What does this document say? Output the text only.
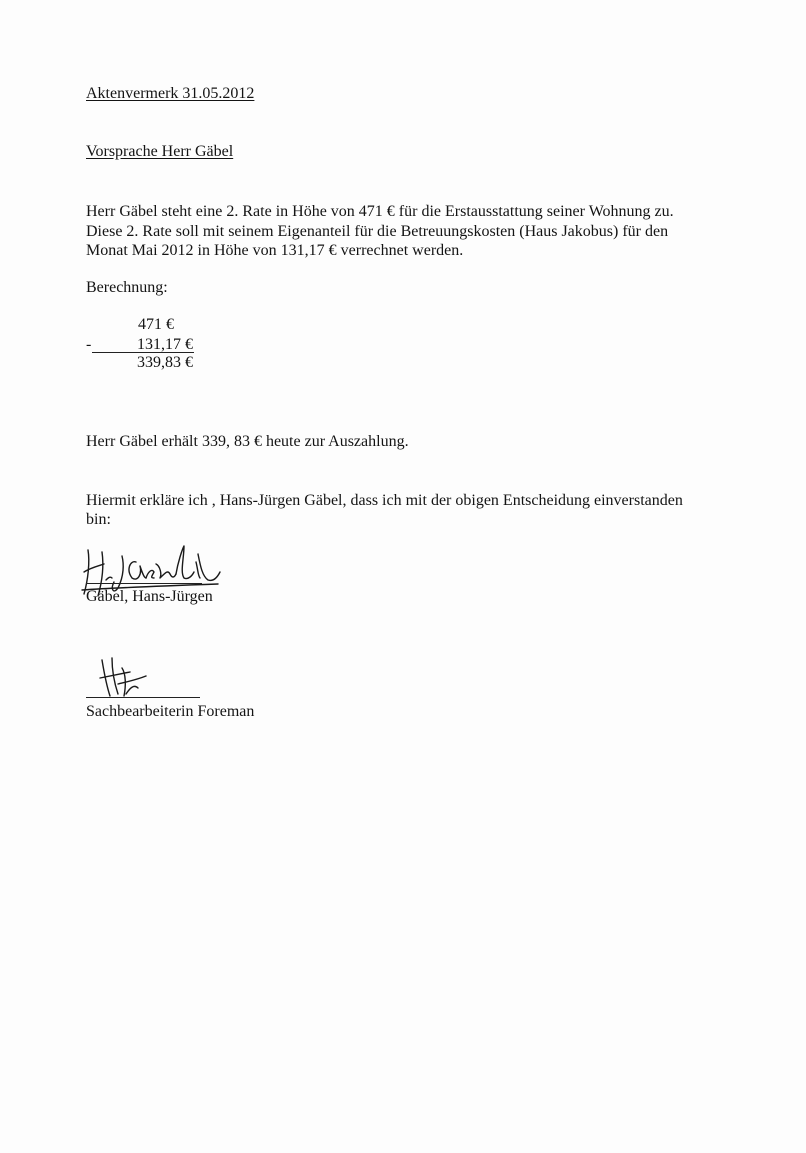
Aktenvermerk 31.05.2012
Vorsprache Herr Gäbel
Herr Gäbel steht eine 2. Rate in Höhe von 471 € für die Erstausstattung seiner Wohnung zu.
Diese 2. Rate soll mit seinem Eigenanteil für die Betreuungskosten (Haus Jakobus) für den
Monat Mai 2012 in Höhe von 131,17 € verrechnet werden.
Berechnung:
471 €
-	131,17 €
339,83 €
Herr Gäbel erhält 339, 83 € heute zur Auszahlung.
Hiermit erkläre ich , Hans-Jürgen Gäbel, dass ich mit der obigen Entscheidung einverstanden
bin:
Gäbel, Hans-Jürgen
Sachbearbeiterin Foreman
